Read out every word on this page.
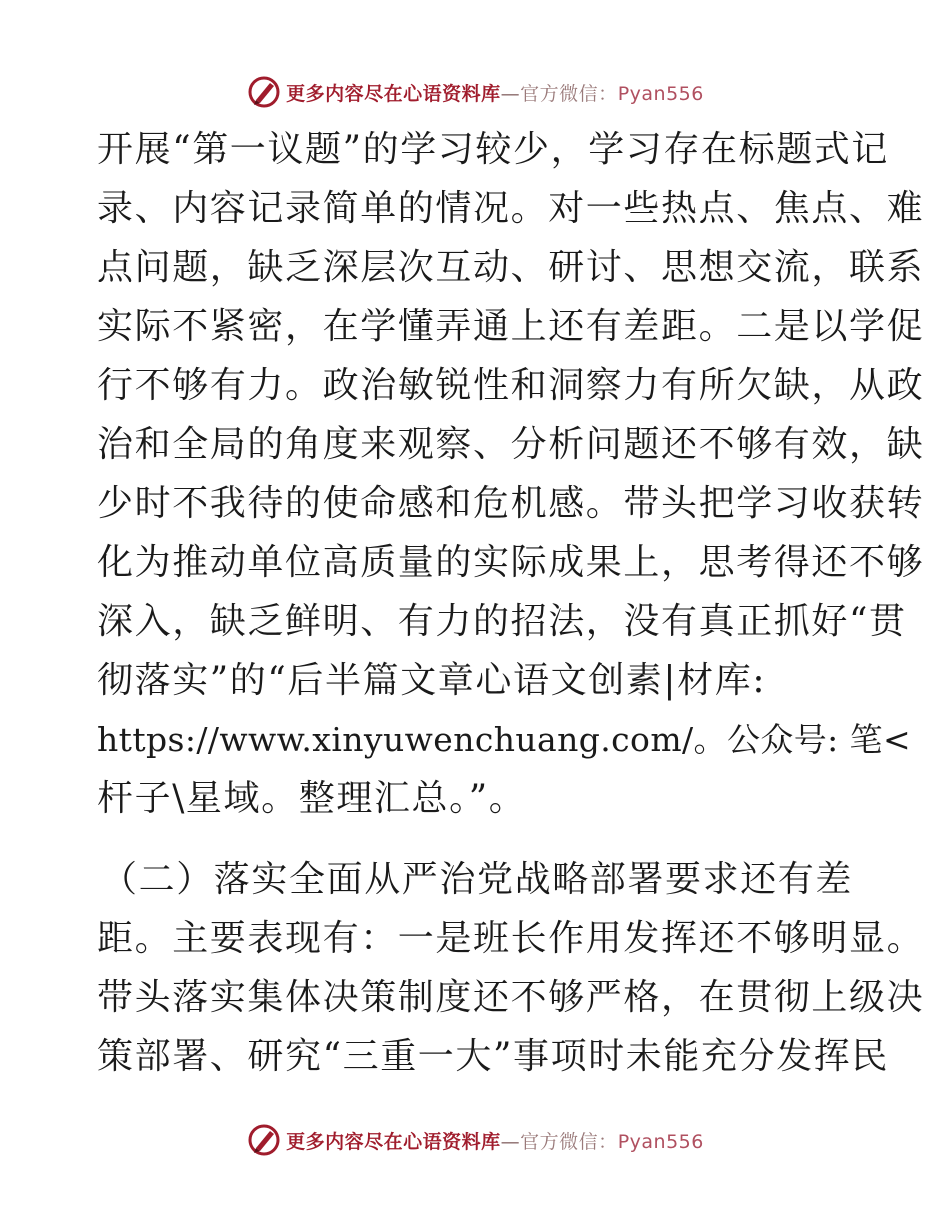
更多内容尽在心语资料库—官方微信：Pyan556
开展“第一议题”的学习较少，学习存在标题式记
录、内容记录简单的情况。对一些热点、焦点、难
点问题，缺乏深层次互动、研讨、思想交流，联系
实际不紧密，在学懂弄通上还有差距。二是以学促
行不够有力。政治敏锐性和洞察力有所欠缺，从政
治和全局的角度来观察、分析问题还不够有效，缺
少时不我待的使命感和危机感。带头把学习收获转
化为推动单位高质量的实际成果上，思考得还不够
深入，缺乏鲜明、有力的招法，没有真正抓好“贯
彻落实”的“后半篇文章心语文创素|材库:
https://www.xinyuwenchuang.com/。公众号: 笔<
杆子\星域。整理汇总。”。
（二）落实全面从严治党战略部署要求还有差
距。主要表现有：一是班长作用发挥还不够明显。
带头落实集体决策制度还不够严格，在贯彻上级决
策部署、研究“三重一大”事项时未能充分发挥民
更多内容尽在心语资料库—官方微信：Pyan556
